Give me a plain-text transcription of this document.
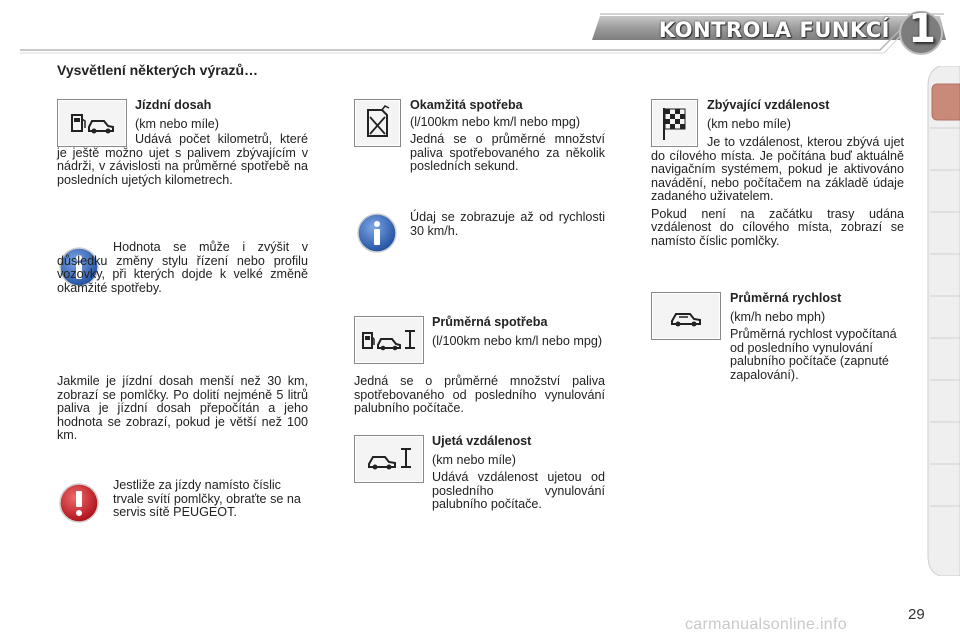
KONTROLA FUNKCÍ 1
Vysvětlení některých výrazů…
Jízdní dosah
(km nebo míle)

Udává počet kilometrů, které je ještě možno ujet s palivem zbývajícím v nádrži, v závislosti na průměrné spotřebě na posledních ujetých kilometrech.

Hodnota se může i zvýšit v důsledku změny stylu řízení nebo profilu vozovky, při kterých dojde k velké změně okamžité spotřeby.

Jakmile je jízdní dosah menší než 30 km, zobrazí se pomlčky. Po dolití nejméně 5 litrů paliva je jízdní dosah přepočítán a jeho hodnota se zobrazí, pokud je větší než 100 km.

Jestliže za jízdy namísto číslic trvale svítí pomlčky, obraťte se na servis sítě PEUGEOT.

Okamžitá spotřeba

(l/100km nebo km/l nebo mpg)

Jedná se o průměrné množství paliva spotřebovaného za několik posledních sekund.

Údaj se zobrazuje až od rychlosti 30 km/h.

Průměrná spotřeba

(l/100km nebo km/l nebo mpg)

Jedná se o průměrné množství paliva spotřebovaného od posledního vynulování palubního počítače.

Ujetá vzdálenost
(km nebo míle)

Udává vzdálenost ujetou od posledního vynulování palubního počítače.

Zbývající vzdálenost
(km nebo míle)

Je to vzdálenost, kterou zbývá ujet do cílového místa. Je počítána buď aktuálně navigačním systémem, pokud je aktivováno navádění, nebo počítačem na základě údaje zadaného uživatelem.

Pokud není na začátku trasy udána vzdálenost do cílového místa, zobrazí se namísto číslic pomlčky.

Průměrná rychlost
(km/h nebo mph)

Průměrná rychlost vypočítaná od posledního vynulování palubního počítače (zapnuté zapalování).

29
carmanualsonline.info
